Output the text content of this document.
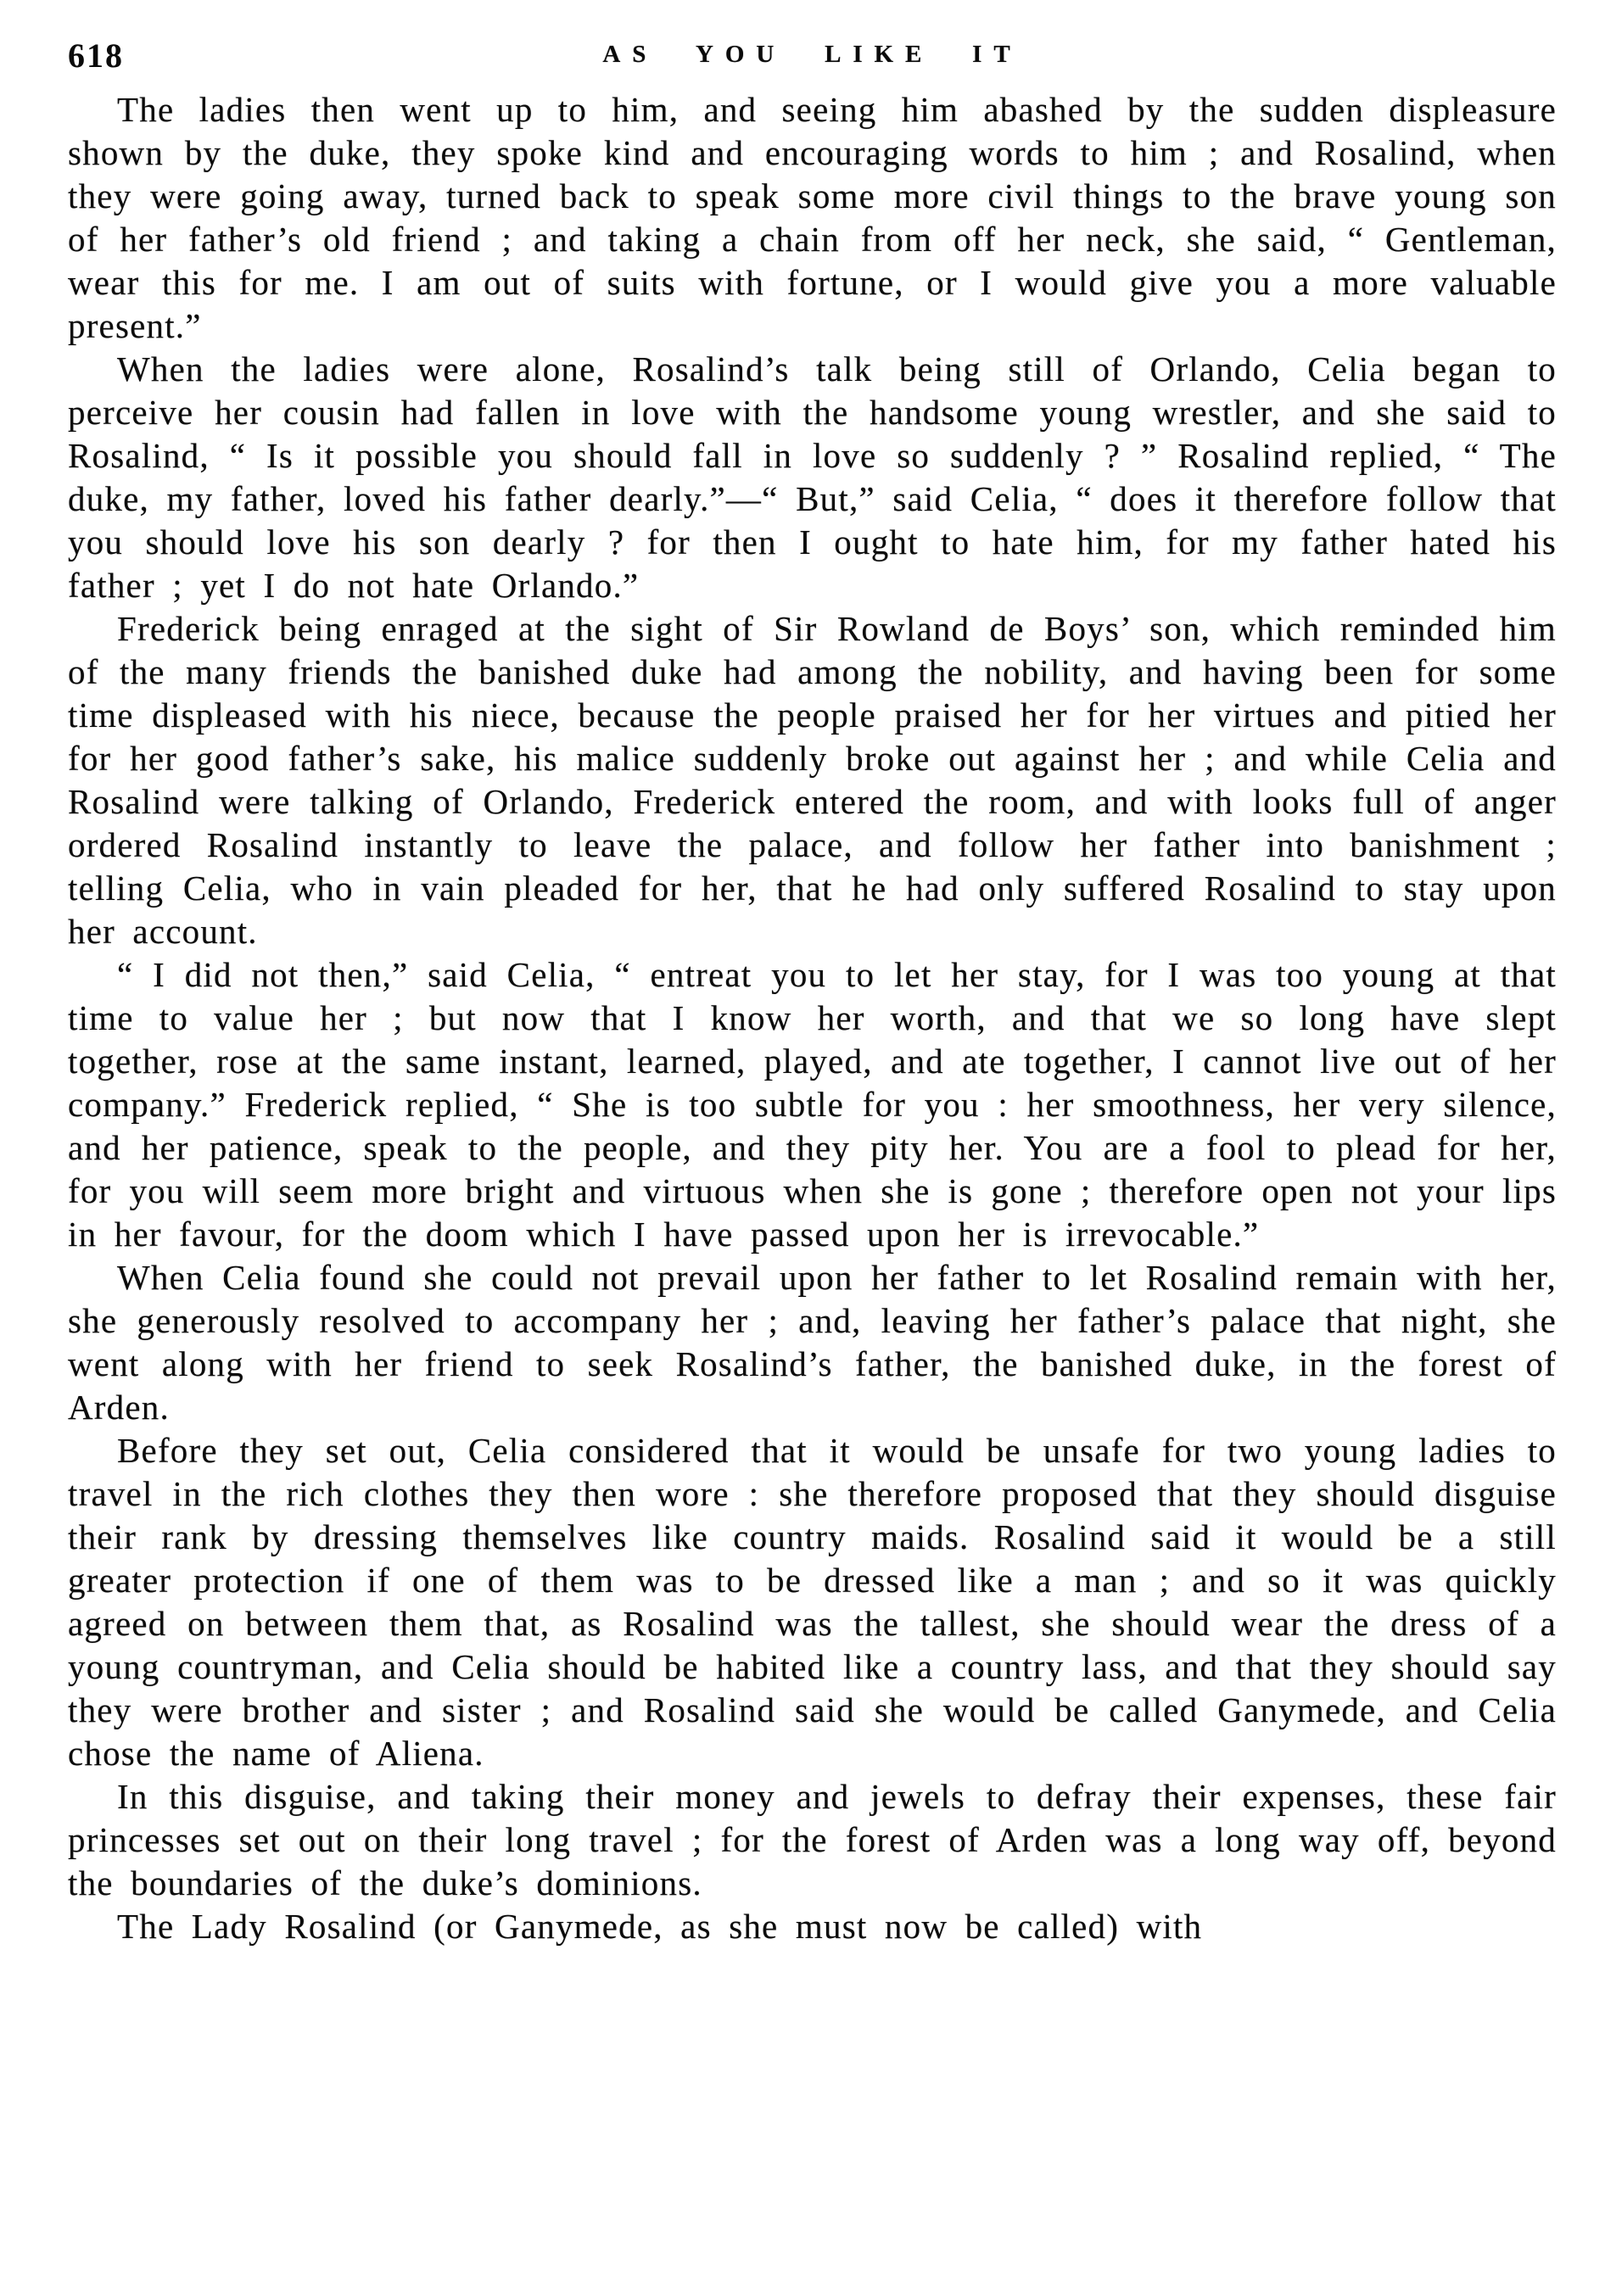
618	AS YOU LIKE IT

The ladies then went up to him, and seeing him abashed by the sudden displeasure shown by the duke, they spoke kind and encouraging words to him ; and Rosalind, when they were going away, turned back to speak some more civil things to the brave young son of her father’s old friend ; and taking a chain from off her neck, she said, “ Gentleman, wear this for me. I am out of suits with fortune, or I would give you a more valuable present.”

When the ladies were alone, Rosalind’s talk being still of Orlando, Celia began to perceive her cousin had fallen in love with the handsome young wrestler, and she said to Rosalind, “ Is it possible you should fall in love so suddenly ? ” Rosalind replied, “ The duke, my father, loved his father dearly.”—“ But,” said Celia, “ does it therefore follow that you should love his son dearly ? for then I ought to hate him, for my father hated his father ; yet I do not hate Orlando.”

Frederick being enraged at the sight of Sir Rowland de Boys’ son, which reminded him of the many friends the banished duke had among the nobility, and having been for some time displeased with his niece, because the people praised her for her virtues and pitied her for her good father’s sake, his malice suddenly broke out against her ; and while Celia and Rosalind were talking of Orlando, Frederick entered the room, and with looks full of anger ordered Rosalind instantly to leave the palace, and follow her father into banishment ; telling Celia, who in vain pleaded for her, that he had only suffered Rosalind to stay upon her account.

“ I did not then,” said Celia, “ entreat you to let her stay, for I was too young at that time to value her ; but now that I know her worth, and that we so long have slept together, rose at the same instant, learned, played, and ate together, I cannot live out of her company.” Frederick replied, “ She is too subtle for you : her smoothness, her very silence, and her patience, speak to the people, and they pity her. You are a fool to plead for her, for you will seem more bright and virtuous when she is gone ; therefore open not your lips in her favour, for the doom which I have passed upon her is irrevocable.”

When Celia found she could not prevail upon her father to let Rosalind remain with her, she generously resolved to accompany her ; and, leaving her father’s palace that night, she went along with her friend to seek Rosalind’s father, the banished duke, in the forest of Arden.

Before they set out, Celia considered that it would be unsafe for two young ladies to travel in the rich clothes they then wore : she therefore proposed that they should disguise their rank by dressing themselves like country maids. Rosalind said it would be a still greater protection if one of them was to be dressed like a man ; and so it was quickly agreed on between them that, as Rosalind was the tallest, she should wear the dress of a young countryman, and Celia should be habited like a country lass, and that they should say they were brother and sister ; and Rosalind said she would be called Ganymede, and Celia chose the name of Aliena.

In this disguise, and taking their money and jewels to defray their expenses, these fair princesses set out on their long travel ; for the forest of Arden was a long way off, beyond the boundaries of the duke’s dominions.

The Lady Rosalind (or Ganymede, as she must now be called) with
